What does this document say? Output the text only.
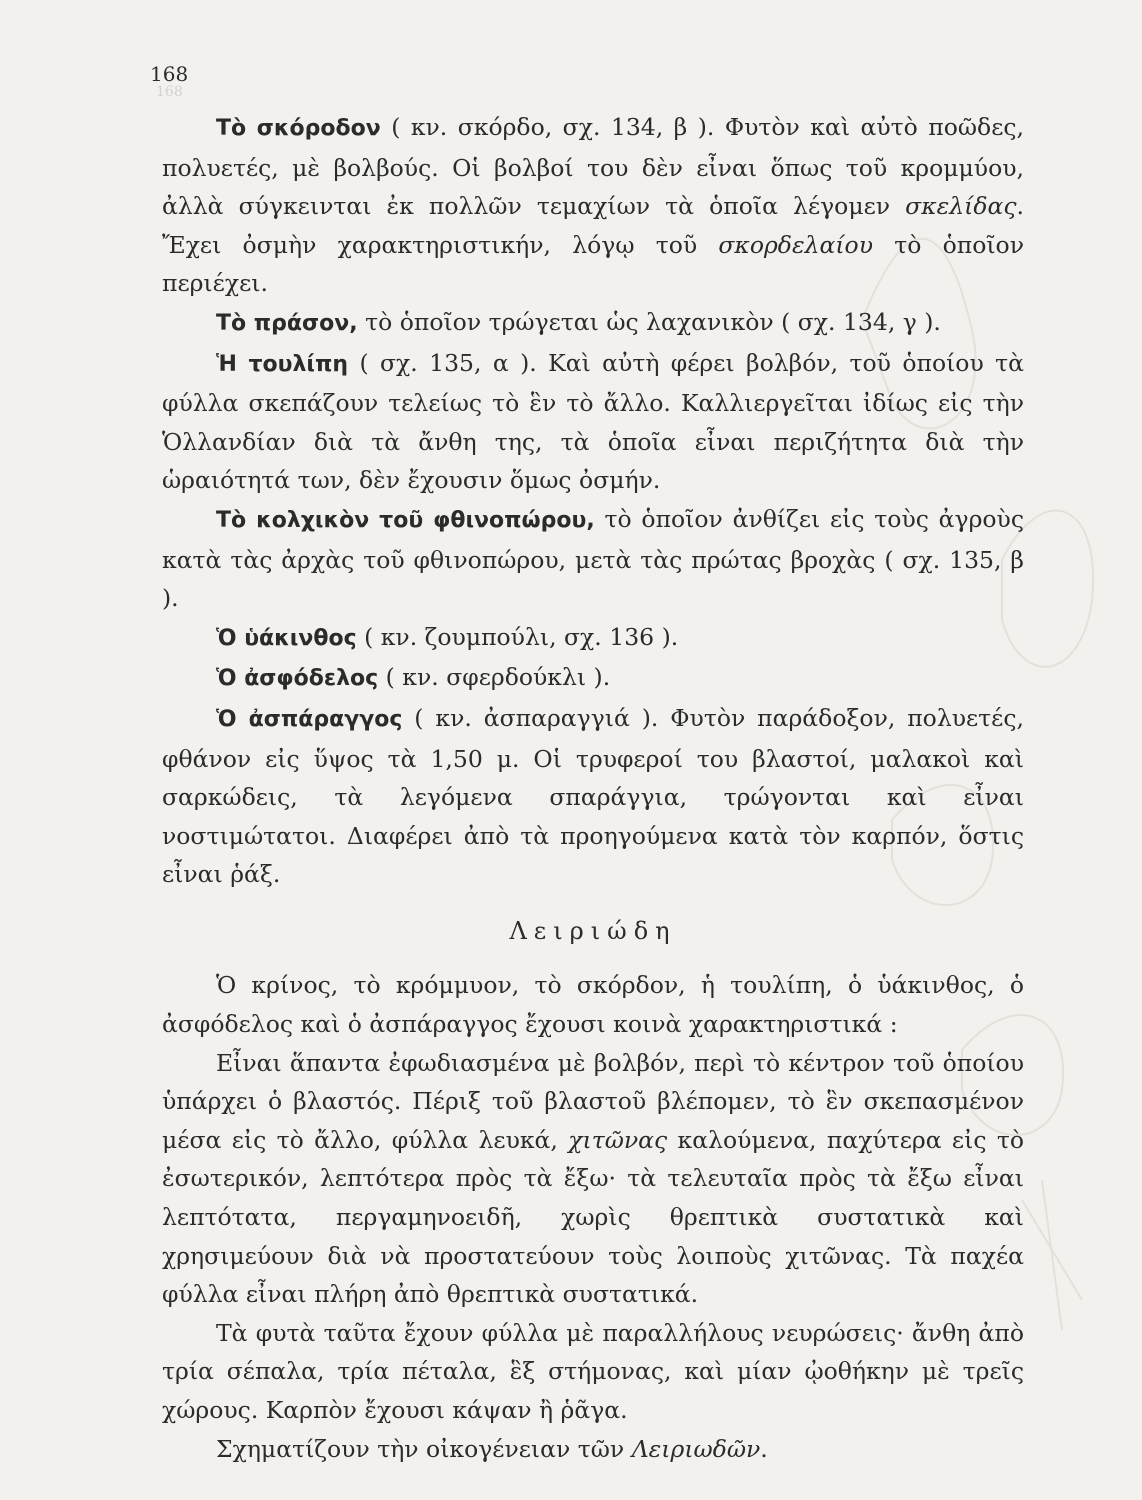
168
168

Τὸ σκόροδον ( κν. σκόρδο, σχ. 134, β ). Φυτὸν καὶ αὐτὸ ποῶδες, πολυετές, μὲ βολβούς. Οἱ βολβοί του δὲν εἶναι ὅπως τοῦ κρομμύου, ἀλλὰ σύγκεινται ἐκ πολλῶν τεμαχίων τὰ ὁποῖα λέγομεν σκελίδας. Ἔχει ὀσμὴν χαρακτηριστικήν, λόγῳ τοῦ σκορδελαίου τὸ ὁποῖον περιέχει.

Τὸ πράσον, τὸ ὁποῖον τρώγεται ὡς λαχανικὸν ( σχ. 134, γ ).

Ἡ τουλίπη ( σχ. 135, α ). Καὶ αὐτὴ φέρει βολβόν, τοῦ ὁποίου τὰ φύλλα σκεπάζουν τελείως τὸ ἓν τὸ ἄλλο. Καλλιεργεῖται ἰδίως εἰς τὴν Ὁλλανδίαν διὰ τὰ ἄνθη της, τὰ ὁποῖα εἶναι περιζήτητα διὰ τὴν ὡραιότητά των, δὲν ἔχουσιν ὅμως ὀσμήν.

Τὸ κολχικὸν τοῦ φθινοπώρου, τὸ ὁποῖον ἀνθίζει εἰς τοὺς ἀγροὺς κατὰ τὰς ἀρχὰς τοῦ φθινοπώρου, μετὰ τὰς πρώτας βροχὰς ( σχ. 135, β ).

Ὁ ὑάκινθος ( κν. ζουμπούλι, σχ. 136 ).

Ὁ ἀσφόδελος ( κν. σφερδούκλι ).

Ὁ ἀσπάραγγος ( κν. ἀσπαραγγιά ). Φυτὸν παράδοξον, πολυετές, φθάνον εἰς ὕψος τὰ 1,50 μ. Οἱ τρυφεροί του βλαστοί, μαλακοὶ καὶ σαρκώδεις, τὰ λεγόμενα σπαράγγια, τρώγονται καὶ εἶναι νοστιμώτατοι. Διαφέρει ἀπὸ τὰ προηγούμενα κατὰ τὸν καρπόν, ὅστις εἶναι ῥάξ.

Λειριώδη

Ὁ κρίνος, τὸ κρόμμυον, τὸ σκόρδον, ἡ τουλίπη, ὁ ὑάκινθος, ὁ ἀσφόδελος καὶ ὁ ἀσπάραγγος ἔχουσι κοινὰ χαρακτηριστικά :

Εἶναι ἅπαντα ἐφωδιασμένα μὲ βολβόν, περὶ τὸ κέντρον τοῦ ὁποίου ὑπάρχει ὁ βλαστός. Πέριξ τοῦ βλαστοῦ βλέπομεν, τὸ ἓν σκεπασμένον μέσα εἰς τὸ ἄλλο, φύλλα λευκά, χιτῶνας καλούμενα, παχύτερα εἰς τὸ ἐσωτερικόν, λεπτότερα πρὸς τὰ ἔξω· τὰ τελευταῖα πρὸς τὰ ἔξω εἶναι λεπτότατα, περγαμηνοειδῆ, χωρὶς θρεπτικὰ συστατικὰ καὶ χρησιμεύουν διὰ νὰ προστατεύουν τοὺς λοιποὺς χιτῶνας. Τὰ παχέα φύλλα εἶναι πλήρη ἀπὸ θρεπτικὰ συστατικά.

Τὰ φυτὰ ταῦτα ἔχουν φύλλα μὲ παραλλήλους νευρώσεις· ἄνθη ἀπὸ τρία σέπαλα, τρία πέταλα, ἓξ στήμονας, καὶ μίαν ᾠοθήκην μὲ τρεῖς χώρους. Καρπὸν ἔχουσι κάψαν ἢ ῥᾶγα.

Σχηματίζουν τὴν οἰκογένειαν τῶν Λειριωδῶν.
